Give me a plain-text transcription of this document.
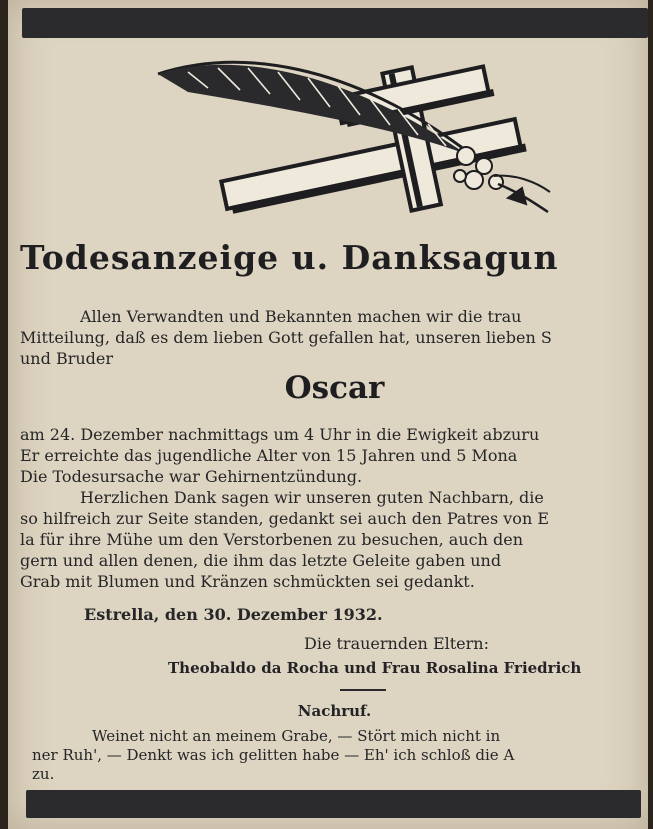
Todesanzeige u. Danksagun
Allen Verwandten und Bekannten machen wir die trau
Mitteilung, daß es dem lieben Gott gefallen hat, unseren lieben S
und Bruder
Oscar
am 24. Dezember nachmittags um 4 Uhr in die Ewigkeit abzuru
Er erreichte das jugendliche Alter von 15 Jahren und 5 Mona
Die Todesursache war Gehirnentzündung.
Herzlichen Dank sagen wir unseren guten Nachbarn, die
so hilfreich zur Seite standen, gedankt sei auch den Patres von E
la für ihre Mühe um den Verstorbenen zu besuchen, auch den
gern und allen denen, die ihm das letzte Geleite gaben und
Grab mit Blumen und Kränzen schmückten sei gedankt.
Estrella, den 30. Dezember 1932.
Die trauernden Eltern:
Theobaldo da Rocha und Frau Rosalina Friedrich
Nachruf.
Weinet nicht an meinem Grabe, — Stört mich nicht in
ner Ruh', — Denkt was ich gelitten habe — Eh' ich schloß die A
zu.
